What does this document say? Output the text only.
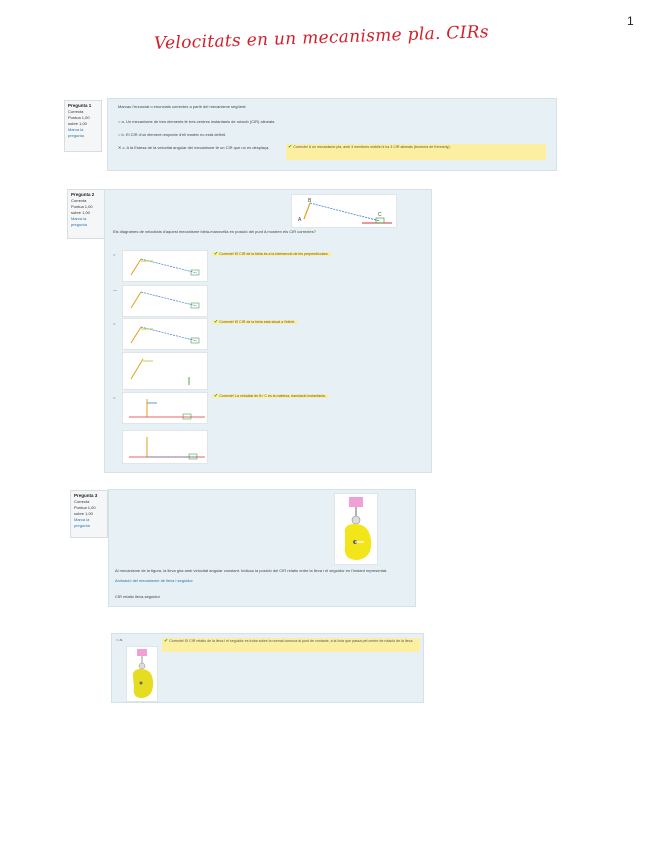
1
Velocitats en un mecanisme pla. CIRs
Pregunta 1
Correcta
Puntua 1,00 sobre 1,00
Marca la pregunta
Marcau l'enunciat o enunciats correctes a partir del mecanisme següent:
○ a. Un mecanisme de tres elements té tres centres instantanis de rotació (CIR) alineats.
○ b. El CIR d'un element respecte d'ell mateix no està definit.
✕ c. A la Estesa de la velocitat angular del mecanisme té un CIR que no es desplaça.	✔ Correcte! A un mecanisme pla, amb 3 membres mòbils hi ha 3 CIR alineats (teorema de Kennedy).
Pregunta 2
Correcta
Puntua 1,00 sobre 1,00
Marca la pregunta
B
A
C
Els diagrames de velocitats d'aquest mecanisme biela-manovella en posició del punt A mostren els CIR correctes?
○	✔ Correcte! El CIR de la biela és a la intersecció de les perpendiculars.
—
○	✔ Correcte! El CIR de la biela està situat a l'infinit.
○	✔ Correcte! La velocitat de B i C és la mateixa, translació instantània.
Pregunta 3
Correcta
Puntua 1,00 sobre 1,00
Marca la pregunta
Al mecanisme de la figura, la lleva gira amb velocitat angular constant. Indicau la posició del CIR relatiu entre la lleva i el seguidor en l'instant representat.
Animació del mecanisme de lleva i seguidor
CIR relatiu lleva-seguidor
○ a.	✔ Correcte! El CIR relatiu de la lleva i el seguidor es troba sobre la normal comuna al punt de contacte, a la línia que passa pel centre de rotació de la lleva.
